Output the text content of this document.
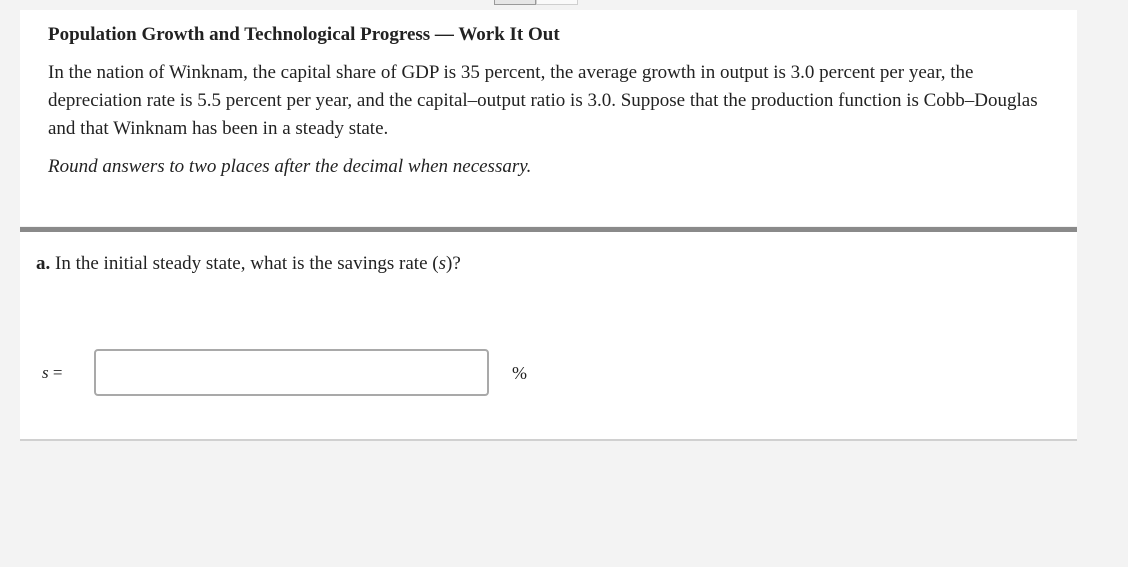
Population Growth and Technological Progress — Work It Out

In the nation of Winknam, the capital share of GDP is 35 percent, the average growth in output is 3.0 percent per year, the depreciation rate is 5.5 percent per year, and the capital–output ratio is 3.0. Suppose that the production function is Cobb–Douglas and that Winknam has been in a steady state.

Round answers to two places after the decimal when necessary.

a. In the initial steady state, what is the savings rate (s)?

s =	%
